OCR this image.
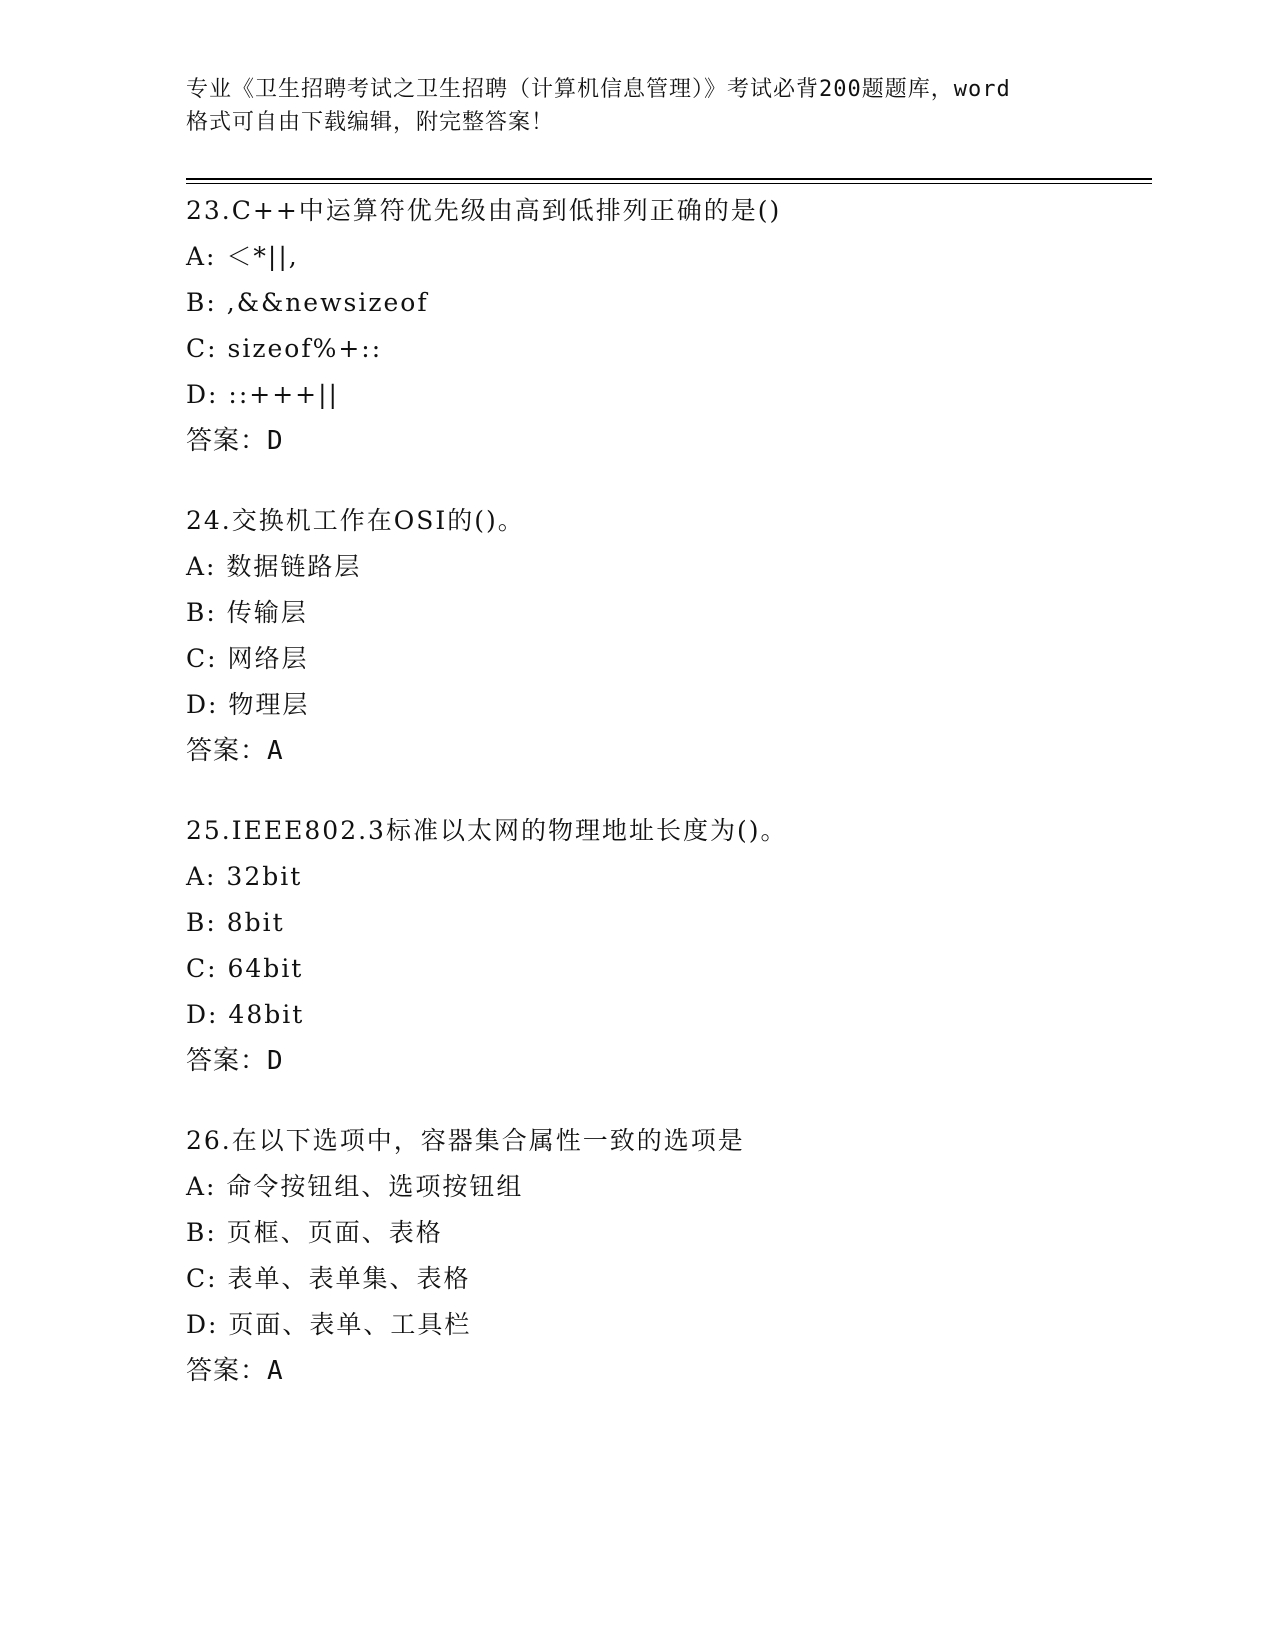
专业《卫生招聘考试之卫生招聘（计算机信息管理）》考试必背200题题库，word
格式可自由下载编辑，附完整答案！
23.C++中运算符优先级由高到低排列正确的是()
A: ＜*||,
B: ,&&newsizeof
C: sizeof%+::
D: ::+++||
答案：D
24.交换机工作在OSI的()。
A: 数据链路层
B: 传输层
C: 网络层
D: 物理层
答案：A
25.IEEE802.3标准以太网的物理地址长度为()。
A: 32bit
B: 8bit
C: 64bit
D: 48bit
答案：D
26.在以下选项中，容器集合属性一致的选项是
A: 命令按钮组、选项按钮组
B: 页框、页面、表格
C: 表单、表单集、表格
D: 页面、表单、工具栏
答案：A
